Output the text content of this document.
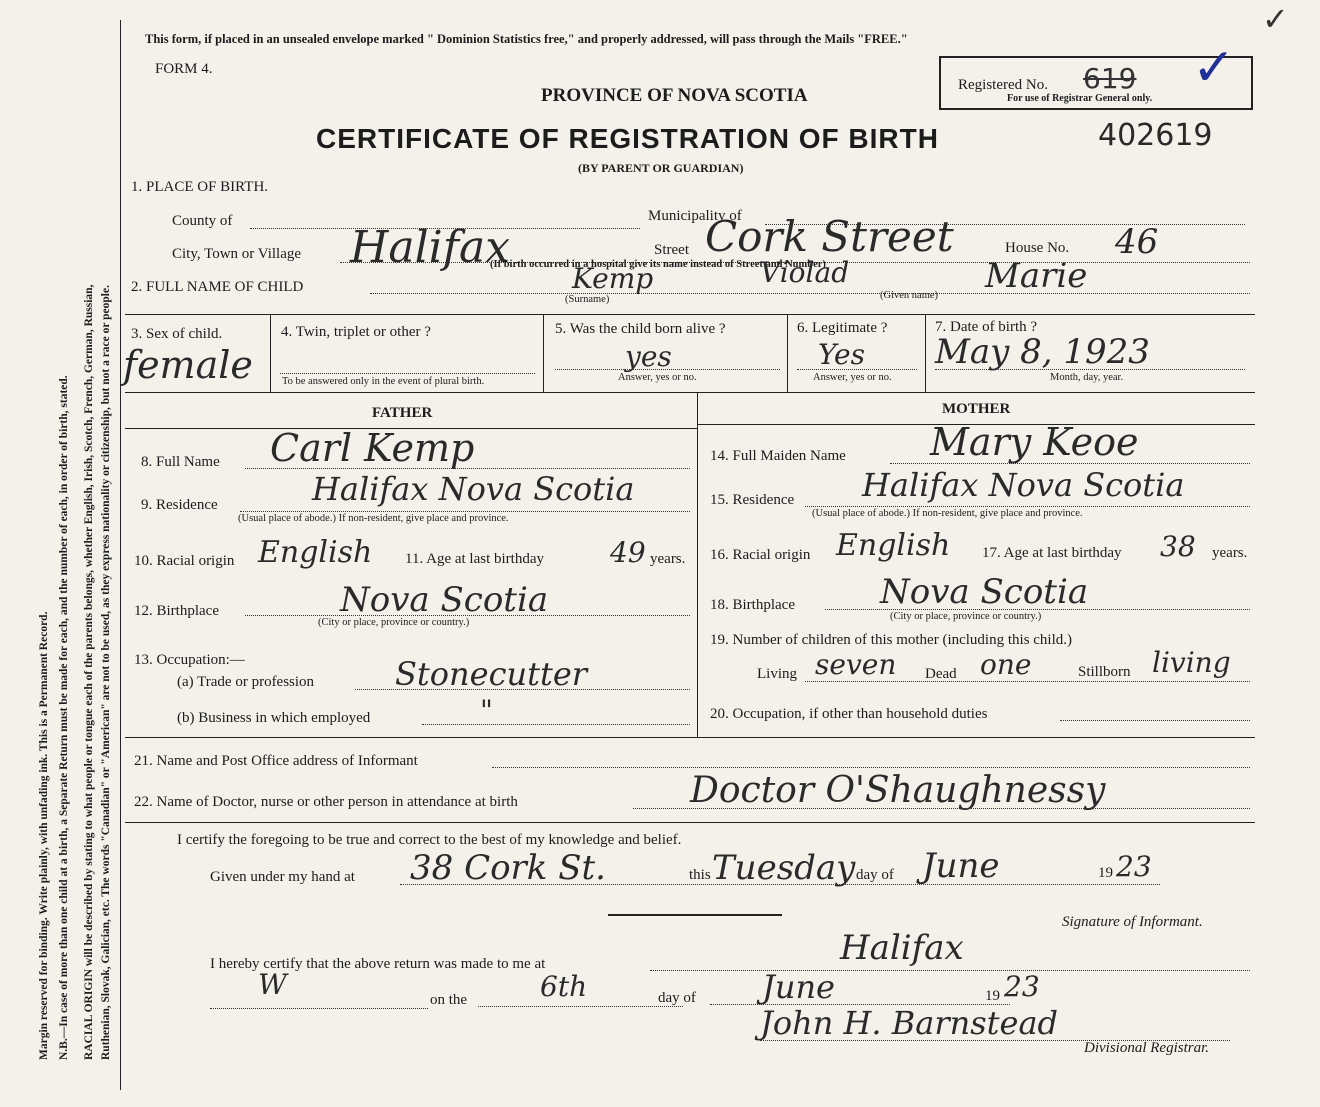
Margin reserved for binding. Write plainly, with unfading ink. This is a Permanent Record. N.B.—In case of more than one child at a birth, a Separate Return must be made for each, and the number of each, in order of birth, stated. RACIAL ORIGIN will be described by stating to what people or tongue each of the parents belongs, whether English, Irish, Scotch, French, German, Russian, Ruthenian, Slovak, Galician, etc. The words "Canadian" or "American" are not to be used, as they express nationality or citizenship, but not a race or people.
✓
This form, if placed in an unsealed envelope marked " Dominion Statistics free," and properly addressed, will pass through the Mails "FREE."
FORM 4.
PROVINCE OF NOVA SCOTIA
CERTIFICATE OF REGISTRATION OF BIRTH	402619
(BY PARENT OR GUARDIAN)
Registered No. 619
For use of Registrar General only.
✓
1. PLACE OF BIRTH.
County of	Municipality of
City, Town or Village Halifax	Street Cork Street	House No. 46
(If birth occurred in a hospital give its name instead of Street and Number)
2. FULL NAME OF CHILD	Kemp
(Surname)
Violad	Marie
(Given name)
3. Sex of child.
female
4. Twin, triplet or other ?
To be answered only in the event of plural birth.
5. Was the child born alive ?
yes
Answer, yes or no.
6. Legitimate ?
Yes
Answer, yes or no.
7. Date of birth ?
May 8, 1923
Month, day, year.
FATHER	MOTHER
8. Full Name Carl Kemp
9. Residence	Halifax Nova Scotia
(Usual place of abode.) If non-resident, give place and province.
10. Racial origin English 11. Age at last birthday 49 years.
12. Birthplace	Nova Scotia
(City or place, province or country.)
13. Occupation:—
(a) Trade or profession	Stonecutter
(b) Business in which employed	"
14. Full Maiden Name Mary Keoe
15. Residence Halifax Nova Scotia
(Usual place of abode.) If non-resident, give place and province.
16. Racial origin English 17. Age at last birthday 38 years.
18. Birthplace	Nova Scotia
(City or place, province or country.)
19. Number of children of this mother (including this child.)
Living seven Dead one	Stillborn living
20. Occupation, if other than household duties
21. Name and Post Office address of Informant
22. Name of Doctor, nurse or other person in attendance at birth	Doctor O'Shaughnessy
I certify the foregoing to be true and correct to the best of my knowledge and belief.
Given under my hand at 38 Cork St.	this Tuesday day of June	19 23
Signature of Informant.
I hereby certify that the above return was made to me at	Halifax
W	on the	6th	day of June	19 23
John H. Barnstead
Divisional Registrar.
